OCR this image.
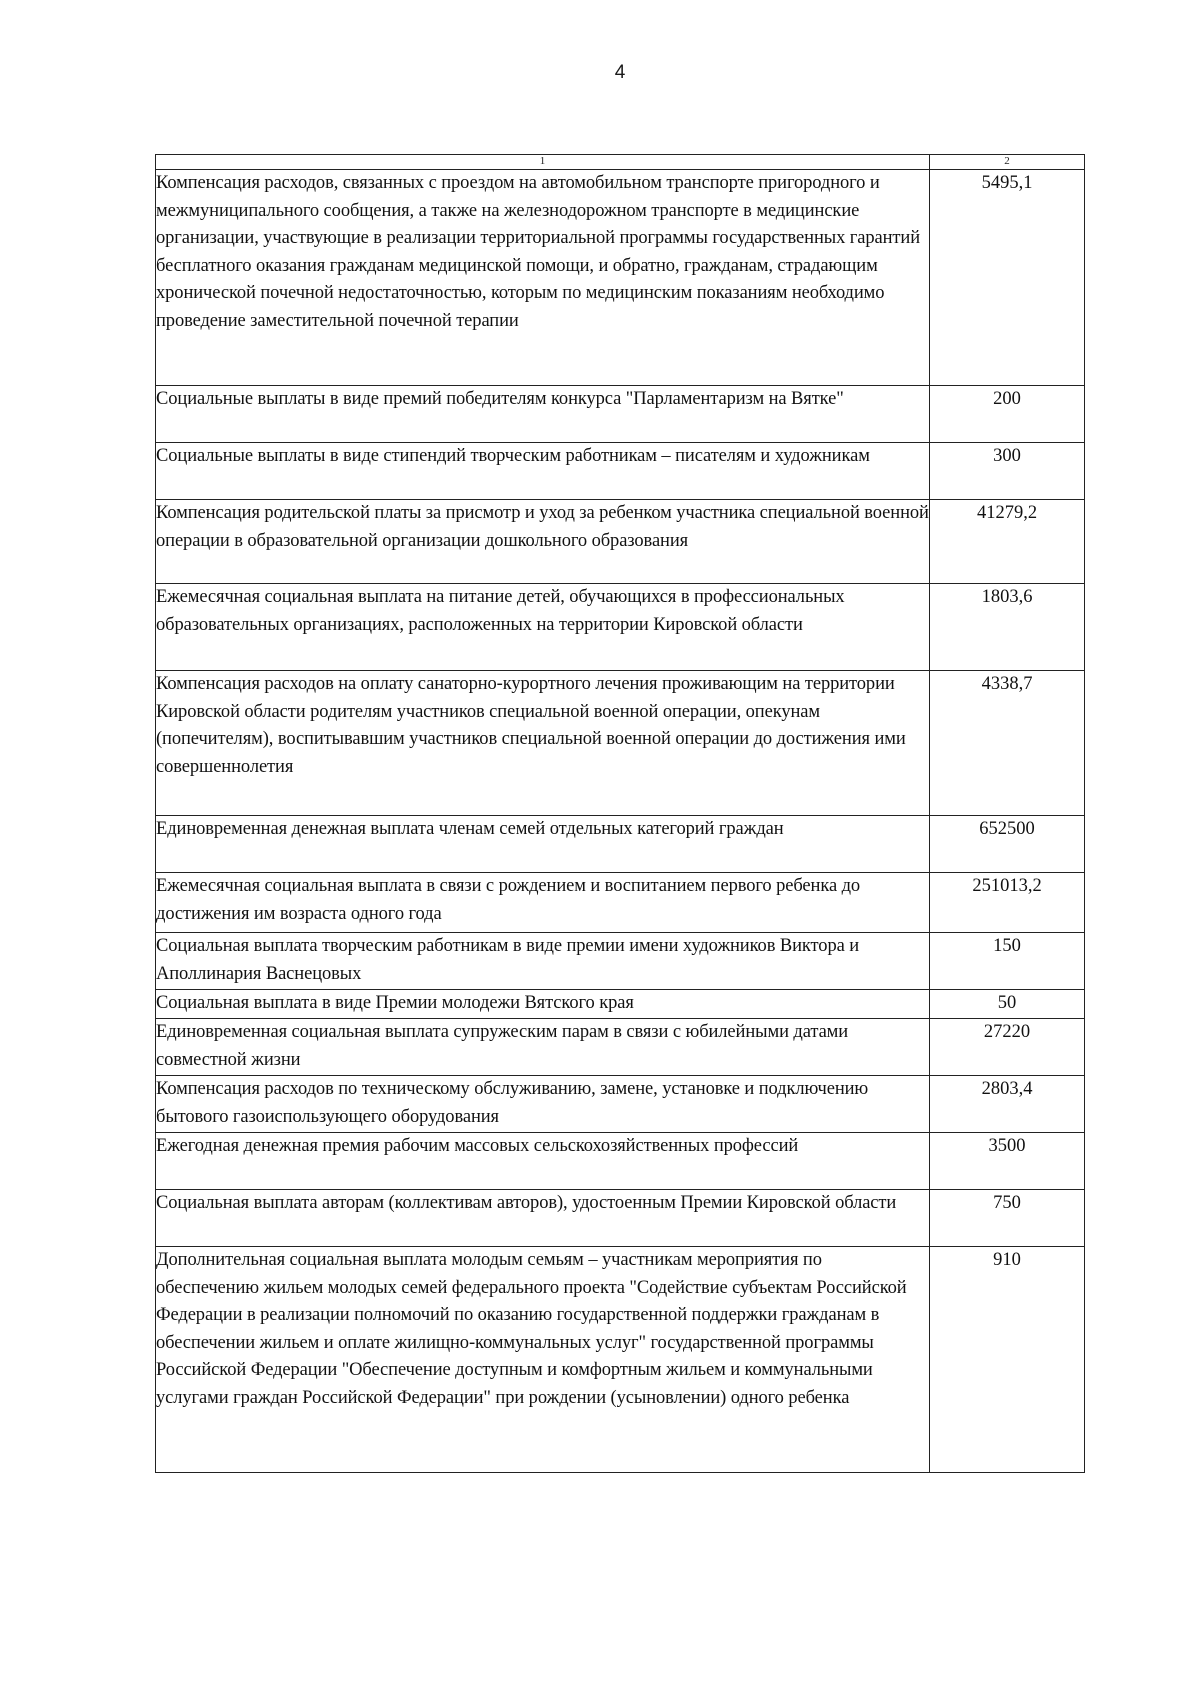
4
1	2
Компенсация расходов, связанных с проездом на автомобильном транспорте пригородного и межмуниципального сообщения, а также на железнодорожном транспорте в медицинские организации, участвующие в реализации территориальной программы государственных гарантий бесплатного оказания гражданам медицинской помощи, и обратно, гражданам, страдающим хронической почечной недостаточностью, которым по медицинским показаниям необходимо проведение заместительной почечной терапии	5495,1
Социальные выплаты в виде премий победителям конкурса "Парламентаризм на Вятке"	200
Социальные выплаты в виде стипендий творческим работникам – писателям и художникам	300
Компенсация родительской платы за присмотр и уход за ребенком участника специальной военной операции в образовательной организации дошкольного образования	41279,2
Ежемесячная социальная выплата на питание детей, обучающихся в профессиональных образовательных организациях, расположенных на территории Кировской области	1803,6
Компенсация расходов на оплату санаторно-курортного лечения проживающим на территории Кировской области родителям участников специальной военной операции, опекунам (попечителям), воспитывавшим участников специальной военной операции до достижения ими совершеннолетия	4338,7
Единовременная денежная выплата членам семей отдельных категорий граждан	652500
Ежемесячная социальная выплата в связи с рождением и воспитанием первого ребенка до достижения им возраста одного года	251013,2
Социальная выплата творческим работникам в виде премии имени художников Виктора и Аполлинария Васнецовых	150
Социальная выплата в виде Премии молодежи Вятского края	50
Единовременная социальная выплата супружеским парам в связи с юбилейными датами совместной жизни	27220
Компенсация расходов по техническому обслуживанию, замене, установке и подключению бытового газоиспользующего оборудования	2803,4
Ежегодная денежная премия рабочим массовых сельскохозяйственных профессий	3500
Социальная выплата авторам (коллективам авторов), удостоенным Премии Кировской области	750
Дополнительная социальная выплата молодым семьям – участникам мероприятия по обеспечению жильем молодых семей федерального проекта "Содействие субъектам Российской Федерации в реализации полномочий по оказанию государственной поддержки гражданам в обеспечении жильем и оплате жилищно-коммунальных услуг" государственной программы Российской Федерации "Обеспечение доступным и комфортным жильем и коммунальными услугами граждан Российской Федерации" при рождении (усыновлении) одного ребенка	910
